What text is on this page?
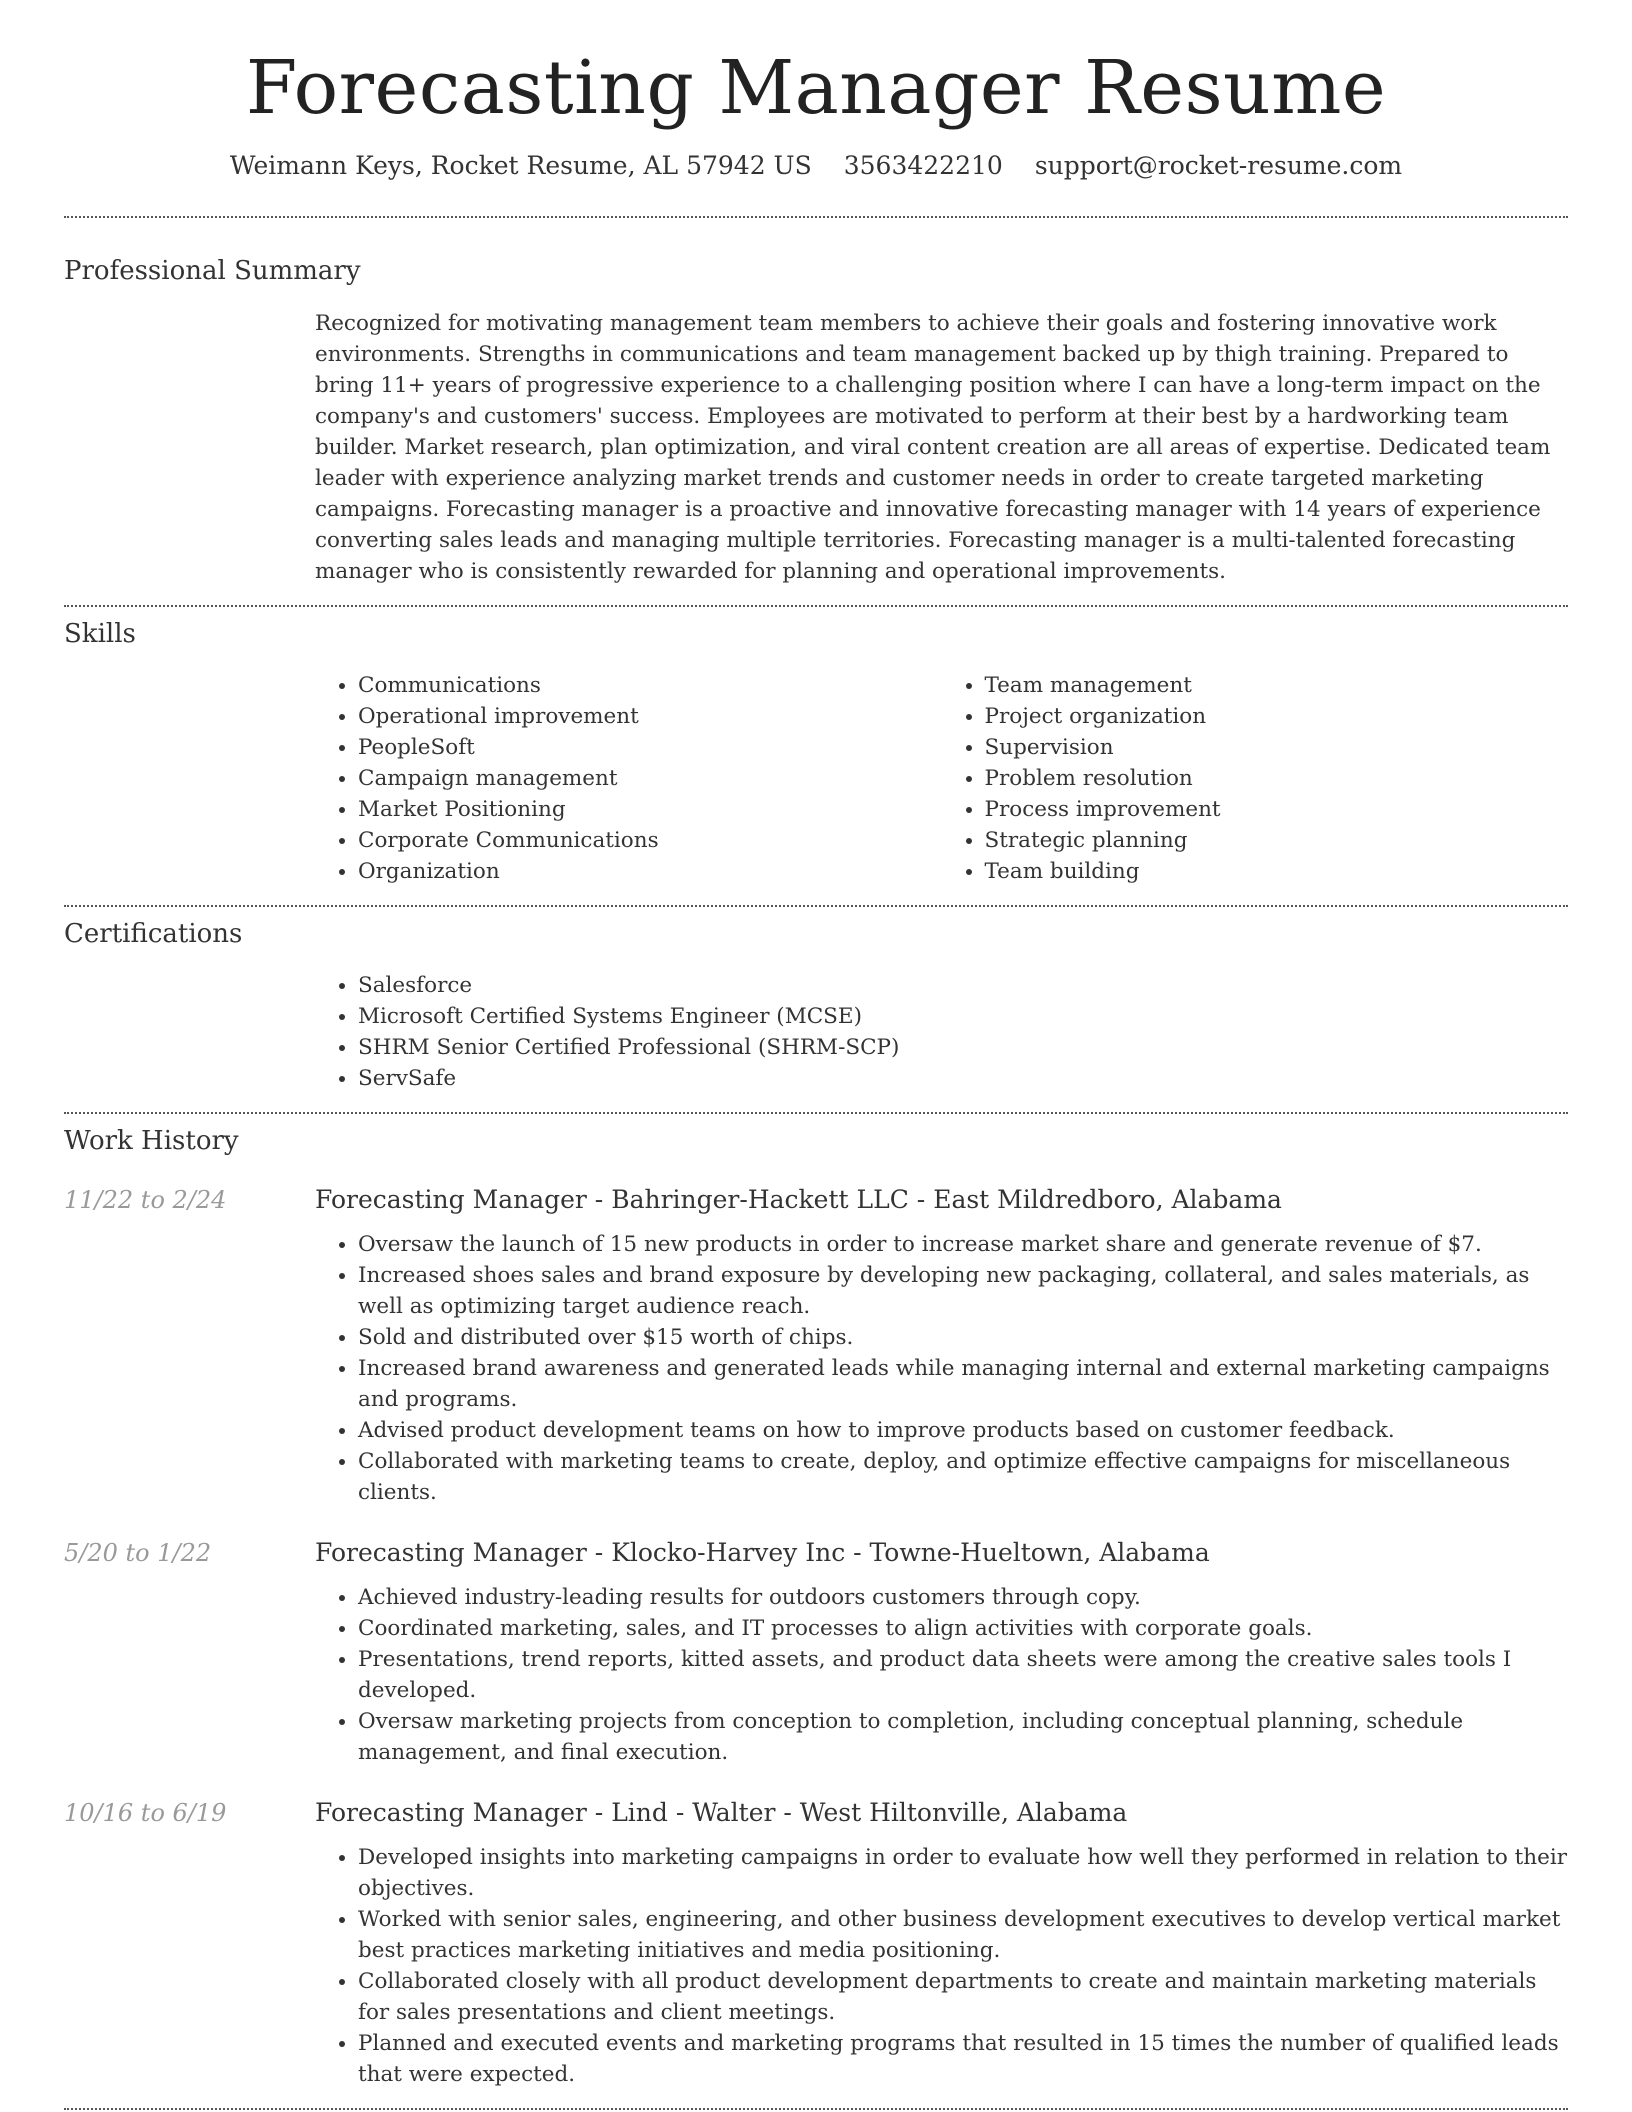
Forecasting Manager Resume
Weimann Keys, Rocket Resume, AL 57942 US 3563422210 support@rocket-resume.com
Professional Summary
Recognized for motivating management team members to achieve their goals and fostering innovative work environments. Strengths in communications and team management backed up by thigh training. Prepared to bring 11+ years of progressive experience to a challenging position where I can have a long-term impact on the company's and customers' success. Employees are motivated to perform at their best by a hardworking team builder. Market research, plan optimization, and viral content creation are all areas of expertise. Dedicated team leader with experience analyzing market trends and customer needs in order to create targeted marketing campaigns. Forecasting manager is a proactive and innovative forecasting manager with 14 years of experience converting sales leads and managing multiple territories. Forecasting manager is a multi-talented forecasting manager who is consistently rewarded for planning and operational improvements.
Skills
• Communications
• Operational improvement
• PeopleSoft
• Campaign management
• Market Positioning
• Corporate Communications
• Organization
• Team management
• Project organization
• Supervision
• Problem resolution
• Process improvement
• Strategic planning
• Team building
Certifications
• Salesforce
• Microsoft Certified Systems Engineer (MCSE)
• SHRM Senior Certified Professional (SHRM-SCP)
• ServSafe
Work History
11/22 to 2/24	Forecasting Manager - Bahringer-Hackett LLC - East Mildredboro, Alabama
• Oversaw the launch of 15 new products in order to increase market share and generate revenue of $7.
• Increased shoes sales and brand exposure by developing new packaging, collateral, and sales materials, as well as optimizing target audience reach.
• Sold and distributed over $15 worth of chips.
• Increased brand awareness and generated leads while managing internal and external marketing campaigns and programs.
• Advised product development teams on how to improve products based on customer feedback.
• Collaborated with marketing teams to create, deploy, and optimize effective campaigns for miscellaneous clients.
5/20 to 1/22	Forecasting Manager - Klocko-Harvey Inc - Towne-Hueltown, Alabama
• Achieved industry-leading results for outdoors customers through copy.
• Coordinated marketing, sales, and IT processes to align activities with corporate goals.
• Presentations, trend reports, kitted assets, and product data sheets were among the creative sales tools I developed.
• Oversaw marketing projects from conception to completion, including conceptual planning, schedule management, and final execution.
10/16 to 6/19	Forecasting Manager - Lind - Walter - West Hiltonville, Alabama
• Developed insights into marketing campaigns in order to evaluate how well they performed in relation to their objectives.
• Worked with senior sales, engineering, and other business development executives to develop vertical market best practices marketing initiatives and media positioning.
• Collaborated closely with all product development departments to create and maintain marketing materials for sales presentations and client meetings.
• Planned and executed events and marketing programs that resulted in 15 times the number of qualified leads that were expected.
